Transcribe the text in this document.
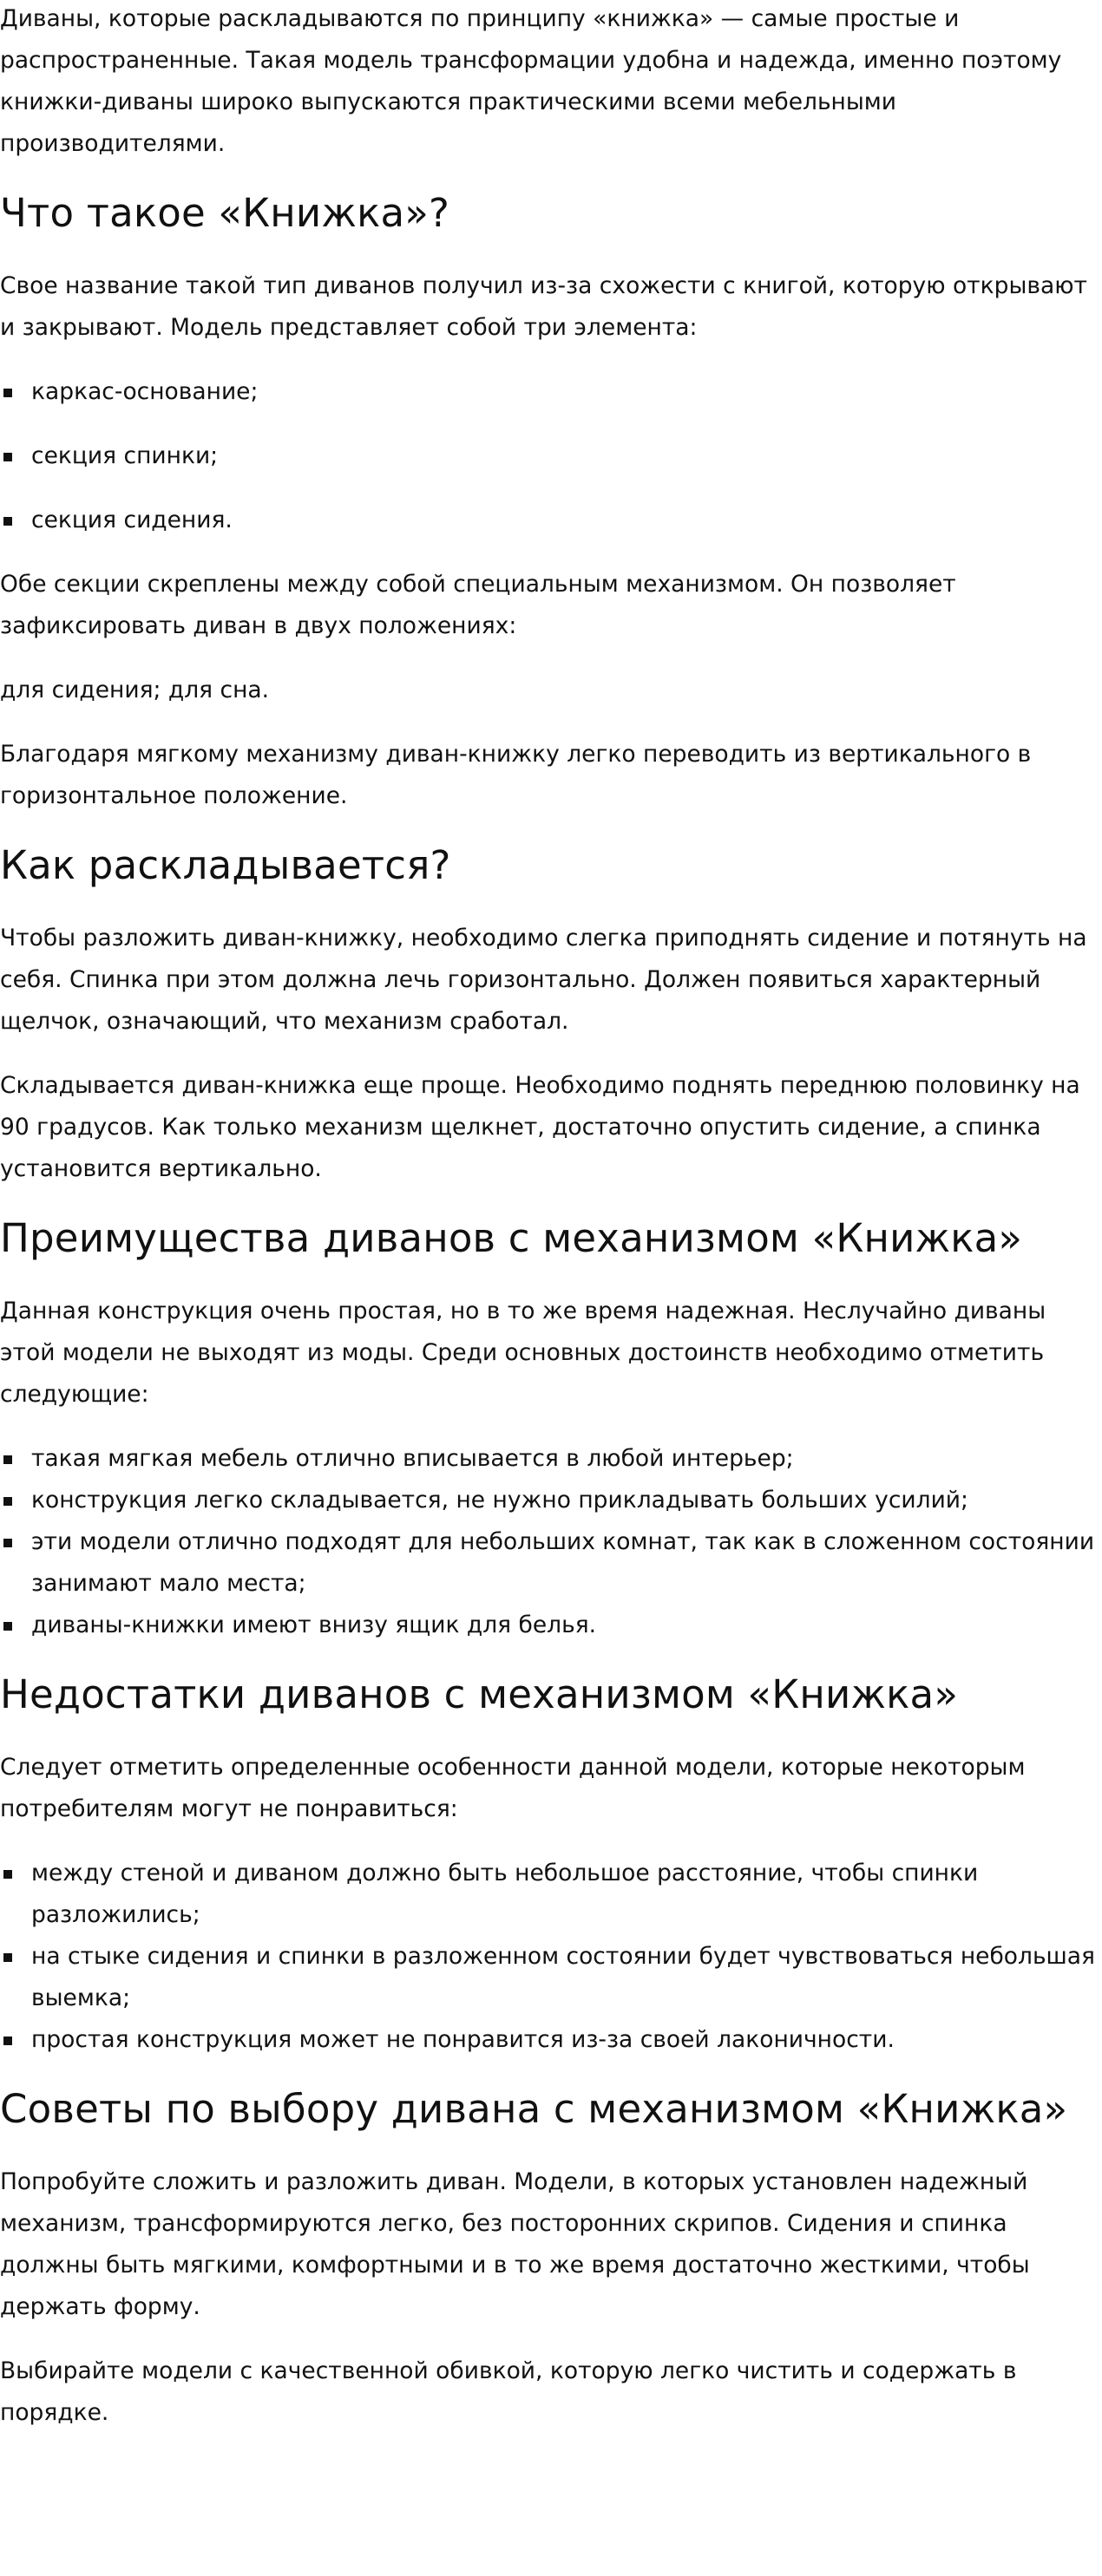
Диваны, которые раскладываются по принципу «книжка» — самые простые и распространенные. Такая модель трансформации удобна и надежда, именно поэтому книжки-диваны широко выпускаются практическими всеми мебельными производителями.

Что такое «Книжка»?

Свое название такой тип диванов получил из-за схожести с книгой, которую открывают и закрывают. Модель представляет собой три элемента:

каркас-основание;
секция спинки;
секция сидения.

Обе секции скреплены между собой специальным механизмом. Он позволяет зафиксировать диван в двух положениях:

для сидения; для сна.

Благодаря мягкому механизму диван-книжку легко переводить из вертикального в горизонтальное положение.

Как раскладывается?

Чтобы разложить диван-книжку, необходимо слегка приподнять сидение и потянуть на себя. Спинка при этом должна лечь горизонтально. Должен появиться характерный щелчок, означающий, что механизм сработал.

Складывается диван-книжка еще проще. Необходимо поднять переднюю половинку на 90 градусов. Как только механизм щелкнет, достаточно опустить сидение, а спинка установится вертикально.

Преимущества диванов с механизмом «Книжка»

Данная конструкция очень простая, но в то же время надежная. Неслучайно диваны этой модели не выходят из моды. Среди основных достоинств необходимо отметить следующие:

такая мягкая мебель отлично вписывается в любой интерьер;
конструкция легко складывается, не нужно прикладывать больших усилий;
эти модели отлично подходят для небольших комнат, так как в сложенном состоянии занимают мало места;
диваны-книжки имеют внизу ящик для белья.
Недостатки диванов с механизмом «Книжка»

Следует отметить определенные особенности данной модели, которые некоторым потребителям могут не понравиться:

между стеной и диваном должно быть небольшое расстояние, чтобы спинки разложились;
на стыке сидения и спинки в разложенном состоянии будет чувствоваться небольшая выемка;
простая конструкция может не понравится из-за своей лаконичности.
Советы по выбору дивана с механизмом «Книжка»

Попробуйте сложить и разложить диван. Модели, в которых установлен надежный механизм, трансформируются легко, без посторонних скрипов. Сидения и спинка должны быть мягкими, комфортными и в то же время достаточно жесткими, чтобы держать форму.

Выбирайте модели с качественной обивкой, которую легко чистить и содержать в порядке.
